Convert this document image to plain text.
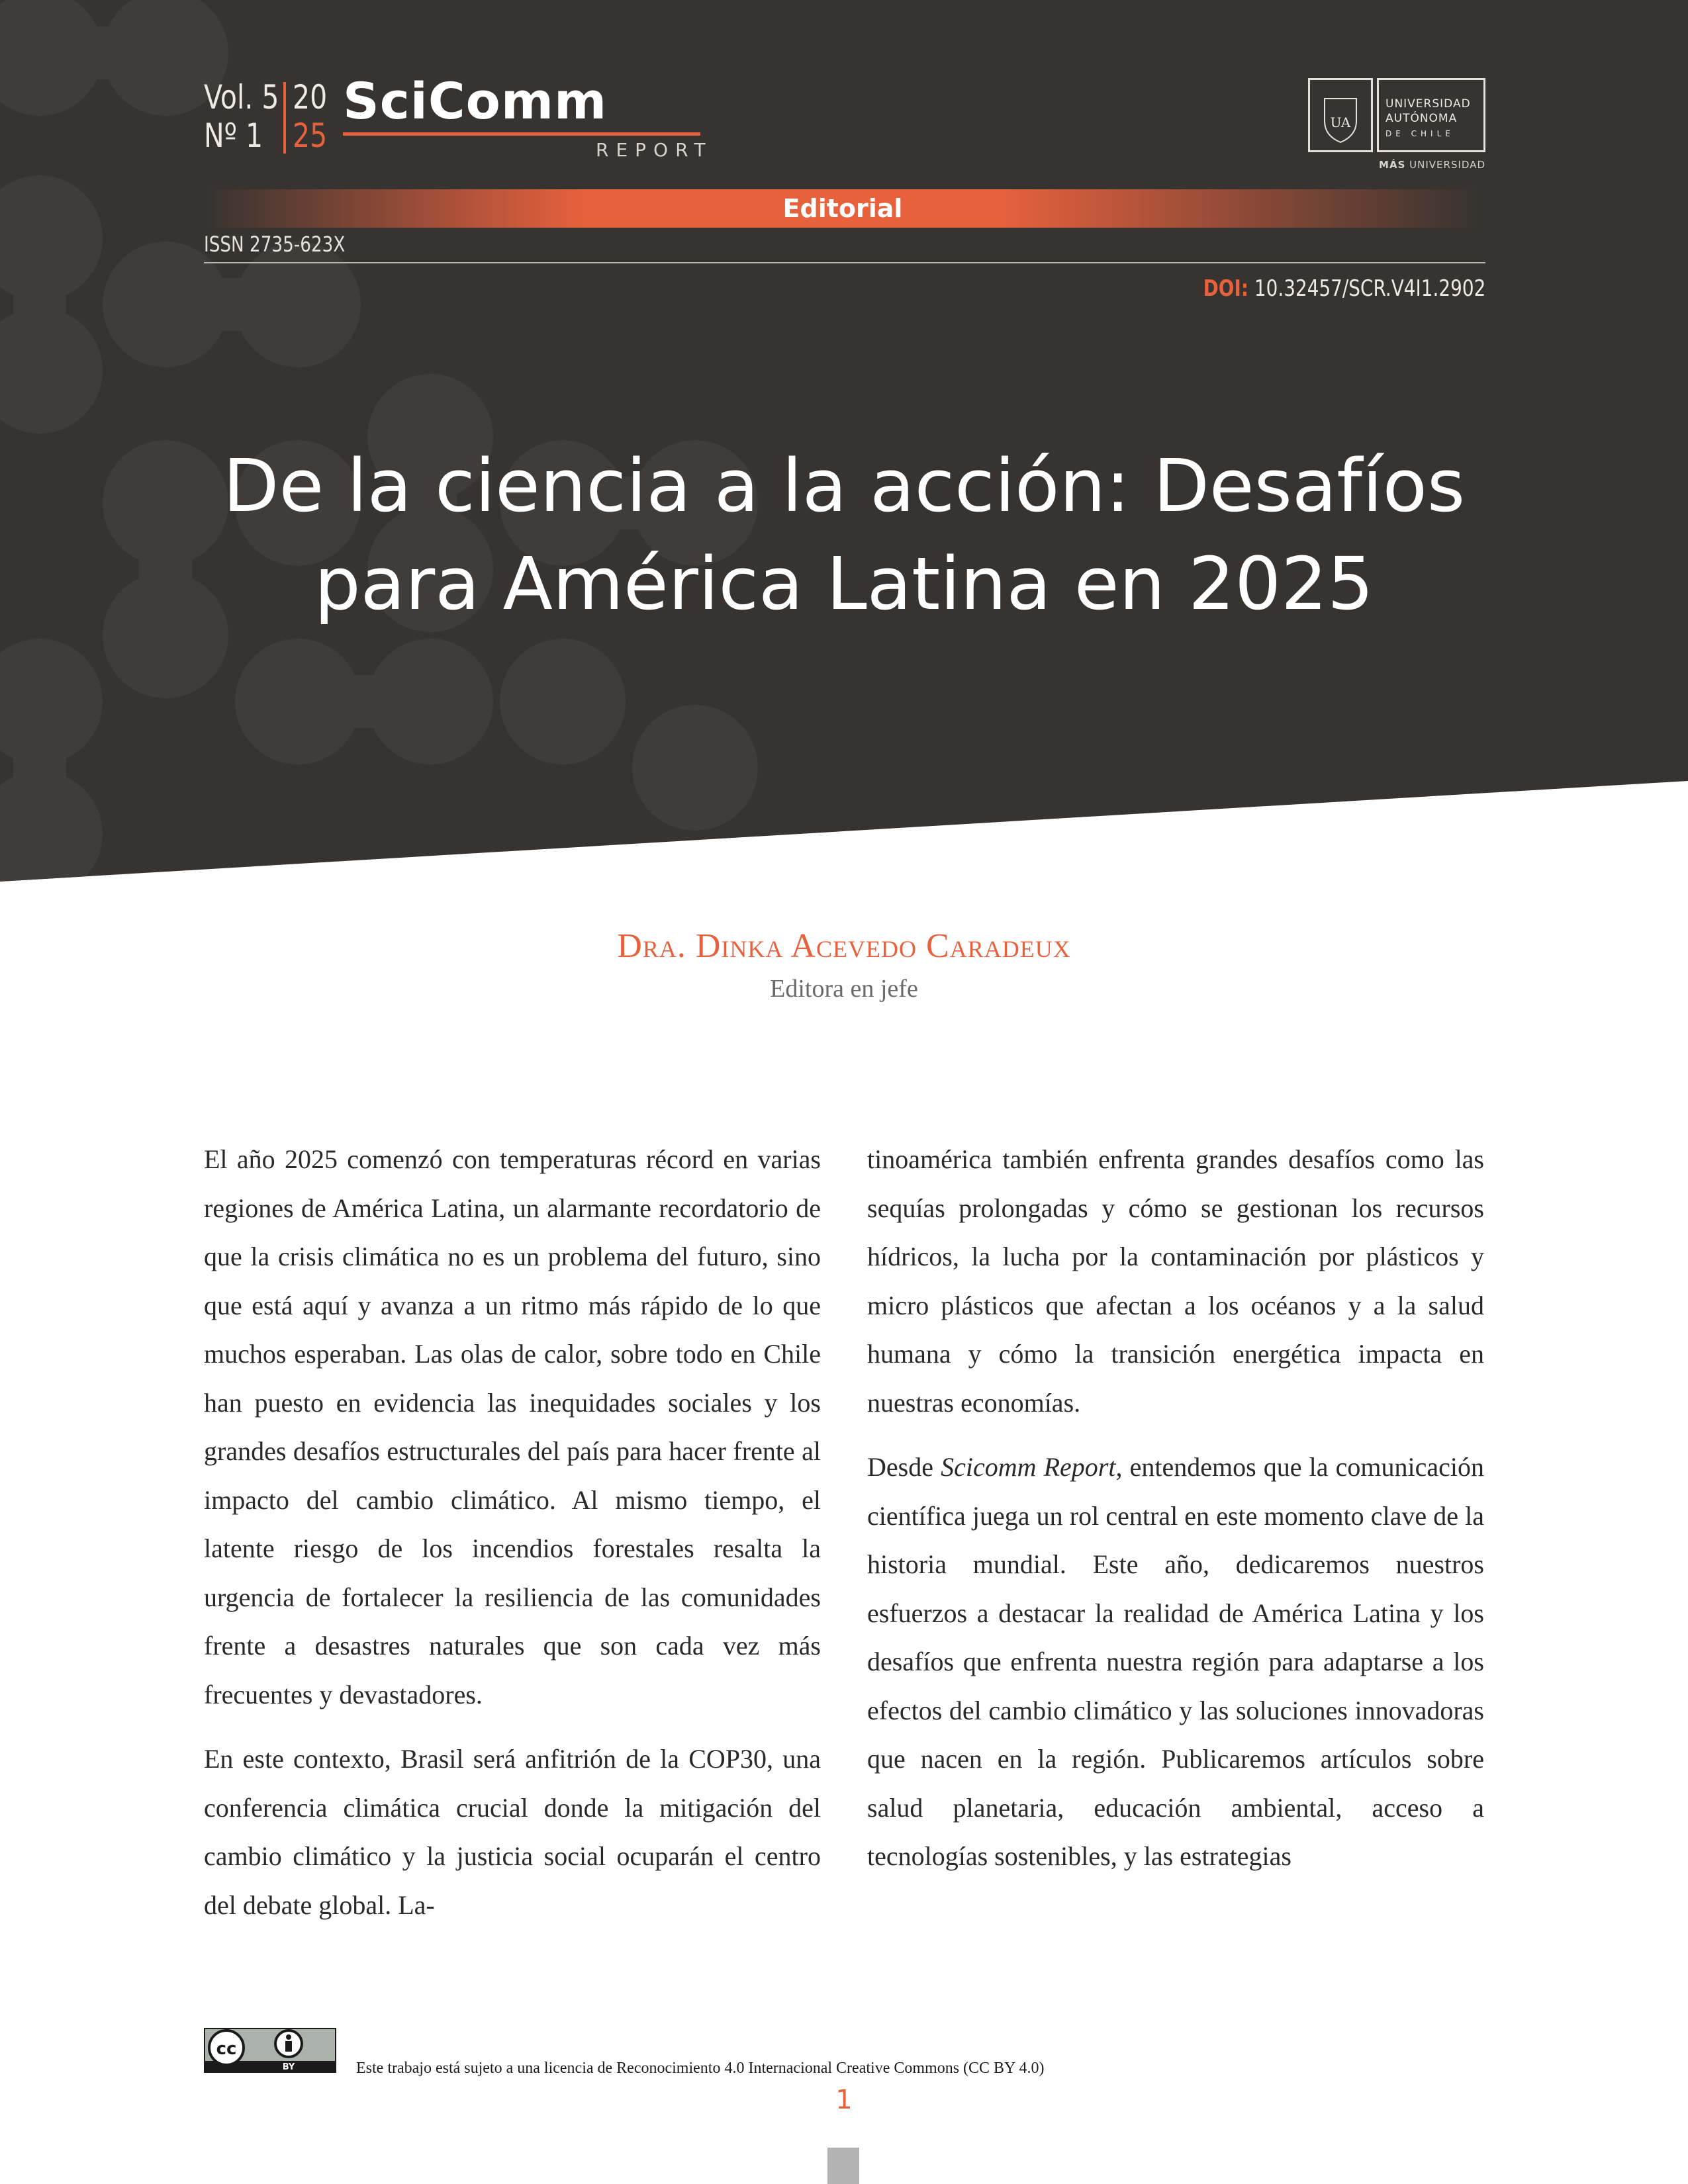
Vol. 5
Nº 1
20
25
SciComm
REPORT
UA
UNIVERSIDAD
AUTÓNOMA
DE CHILE
MÁS UNIVERSIDAD
Editorial
ISSN 2735-623X
DOI: 10.32457/SCR.V4I1.2902
De la ciencia a la acción: Desafíos para América Latina en 2025
Dra. Dinka Acevedo Caradeux
Editora en jefe

El año 2025 comenzó con temperaturas récord en varias regiones de América Latina, un alarmante recordatorio de que la crisis climática no es un problema del futuro, sino que está aquí y avanza a un ritmo más rápido de lo que muchos esperaban. Las olas de calor, sobre todo en Chile han puesto en evidencia las inequidades sociales y los grandes desafíos estructurales del país para hacer frente al impacto del cambio climático. Al mismo tiempo, el latente riesgo de los incendios forestales resalta la urgencia de fortalecer la resiliencia de las comunidades frente a desastres naturales que son cada vez más frecuentes y devastadores.

En este contexto, Brasil será anfitrión de la COP30, una conferencia climática crucial donde la mitigación del cambio climático y la justicia social ocuparán el centro del debate global. La-

tinoamérica también enfrenta grandes desafíos como las sequías prolongadas y cómo se gestionan los recursos hídricos, la lucha por la contaminación por plásticos y micro plásticos que afectan a los océanos y a la salud humana y cómo la transición energética impacta en nuestras economías.

Desde Scicomm Report, entendemos que la comunicación científica juega un rol central en este momento clave de la historia mundial. Este año, dedicaremos nuestros esfuerzos a destacar la realidad de América Latina y los desafíos que enfrenta nuestra región para adaptarse a los efectos del cambio climático y las soluciones innovadoras que nacen en la región. Publicaremos artículos sobre salud planetaria, educación ambiental, acceso a tecnologías sostenibles, y las estrategias

cc
BY	Este trabajo está sujeto a una licencia de Reconocimiento 4.0 Internacional Creative Commons (CC BY 4.0)
1
